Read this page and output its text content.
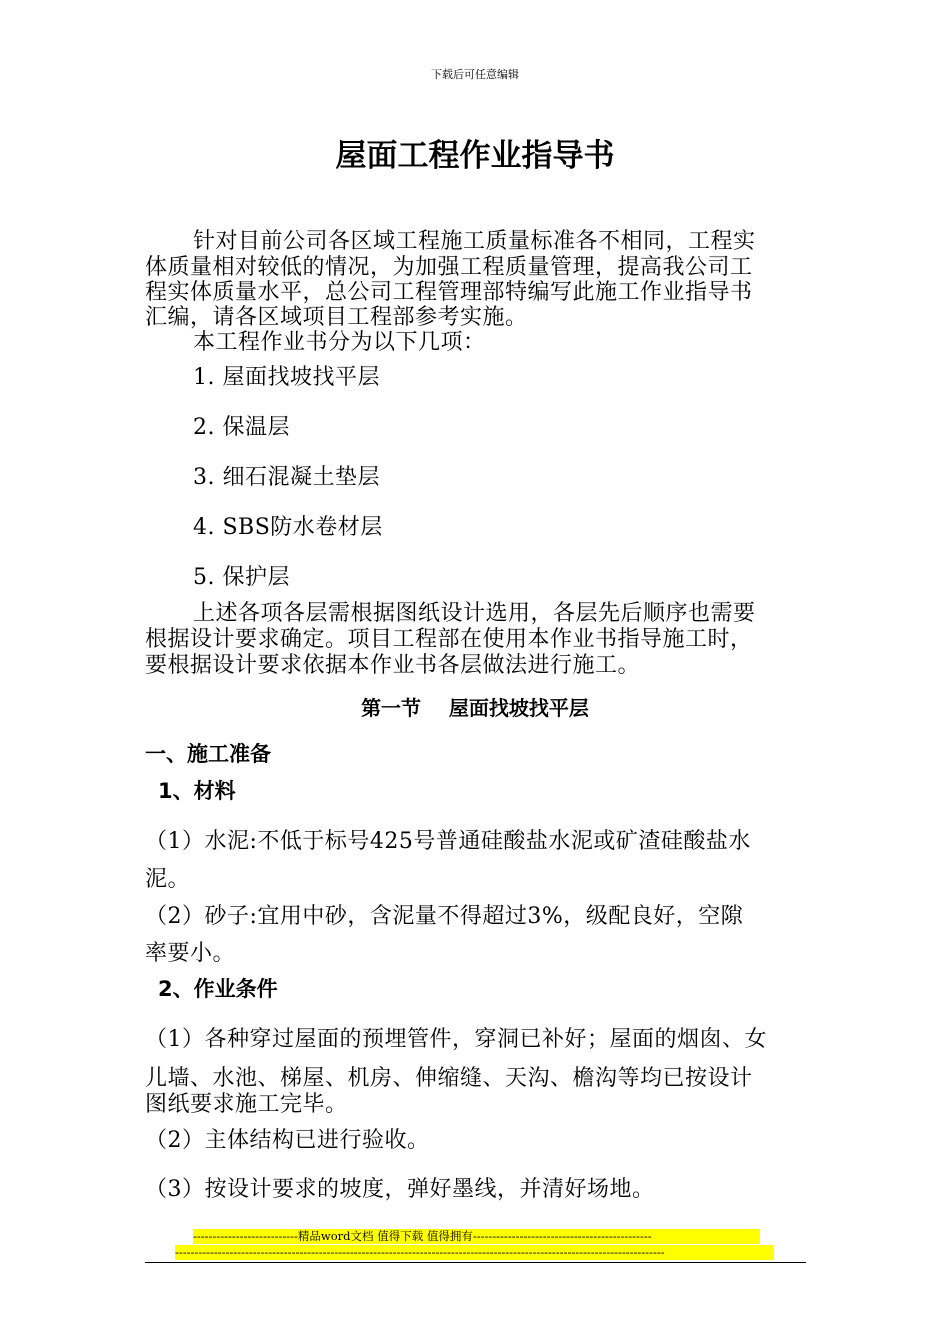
下载后可任意编辑
屋面工程作业指导书
针对目前公司各区域工程施工质量标准各不相同，工程实
体质量相对较低的情况，为加强工程质量管理，提高我公司工
程实体质量水平，总公司工程管理部特编写此施工作业指导书
汇编，请各区域项目工程部参考实施。
本工程作业书分为以下几项：
1. 屋面找坡找平层
2. 保温层
3. 细石混凝土垫层
4. SBS防水卷材层
5. 保护层
上述各项各层需根据图纸设计选用，各层先后顺序也需要
根据设计要求确定。项目工程部在使用本作业书指导施工时，
要根据设计要求依据本作业书各层做法进行施工。
第一节    屋面找坡找平层
一、施工准备
1、材料
（1）水泥:不低于标号425号普通硅酸盐水泥或矿渣硅酸盐水
泥。
（2）砂子:宜用中砂，含泥量不得超过3%，级配良好，空隙
率要小。
2、作业条件
（1）各种穿过屋面的预埋管件，穿洞已补好；屋面的烟囱、女
儿墙、水池、梯屋、机房、伸缩缝、天沟、檐沟等均已按设计
图纸要求施工完毕。
（2）主体结构已进行验收。
（3）按设计要求的坡度，弹好墨线，并清好场地。
---------------------------精品word文档 值得下载 值得拥有----------------------------------------------
------------------------------------------------------------------------------------------------------------------------------
